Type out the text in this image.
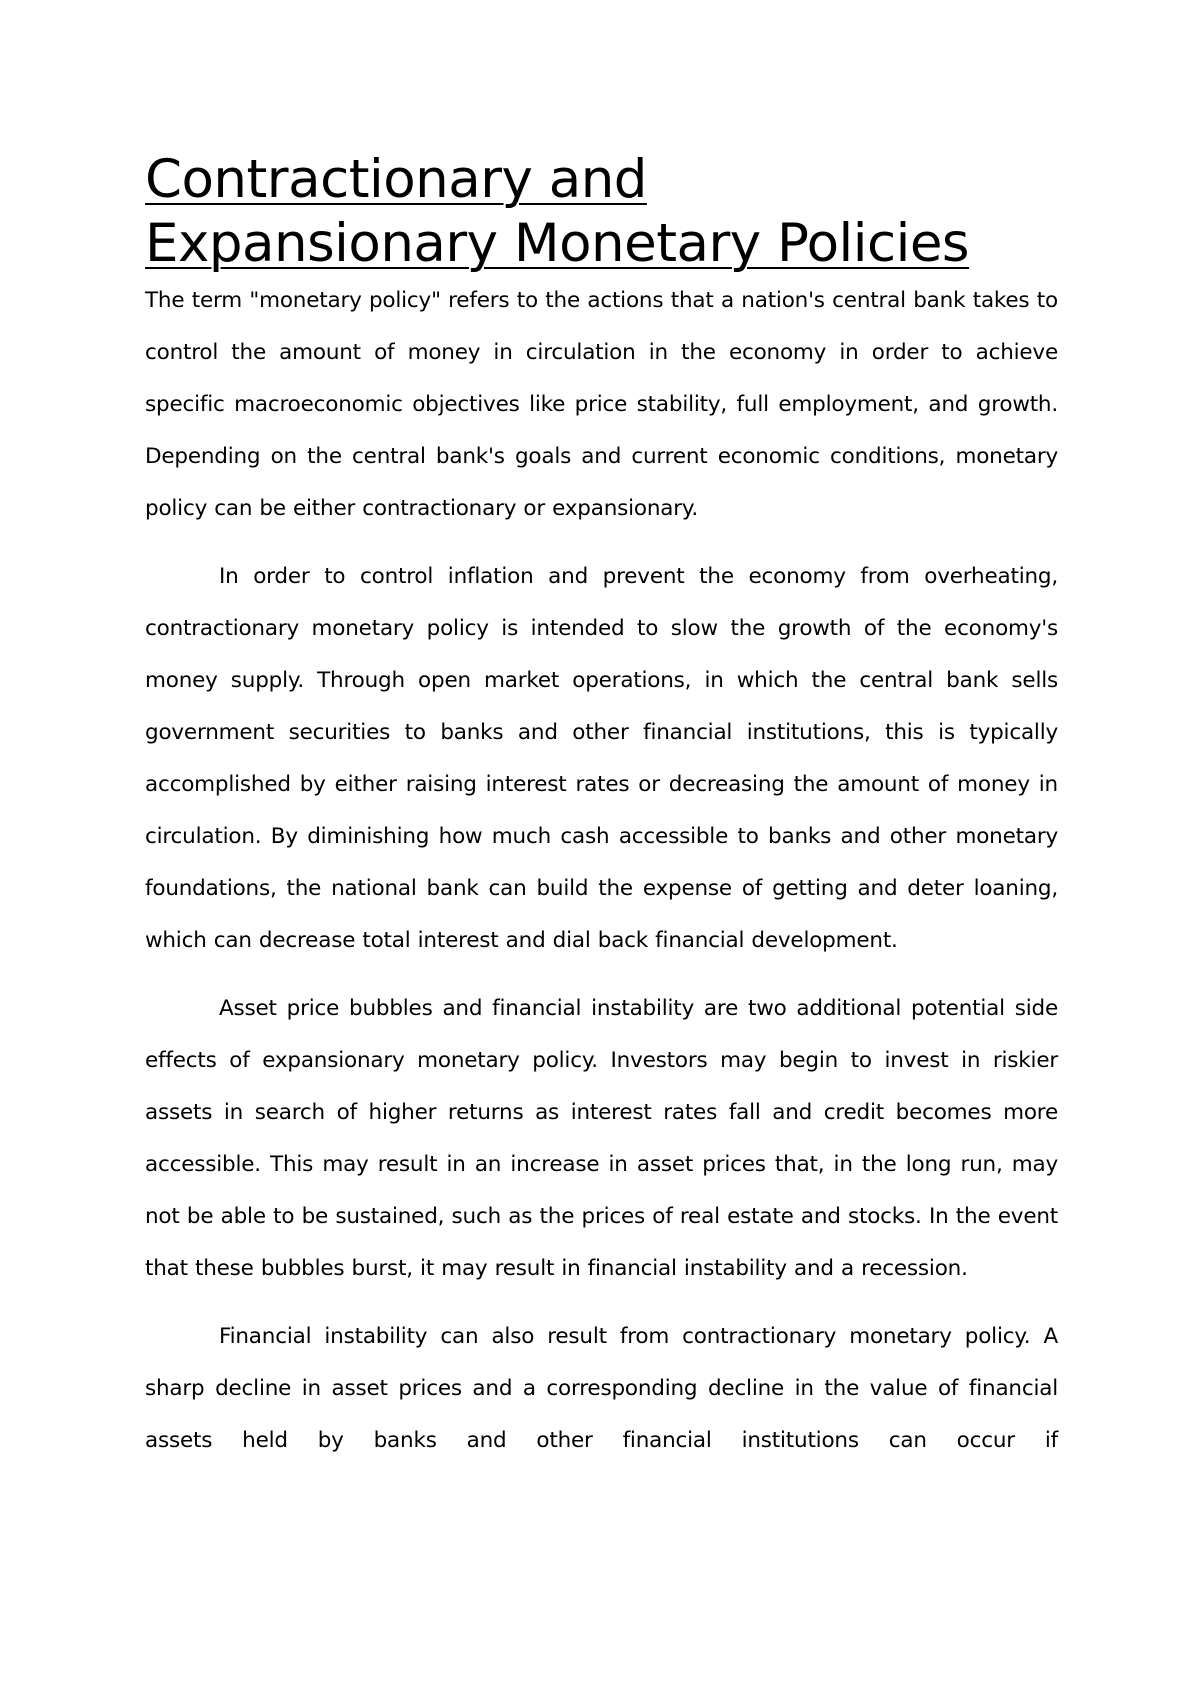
Contractionary and
Expansionary Monetary Policies

The term "monetary policy" refers to the actions that a nation's central bank takes to control the amount of money in circulation in the economy in order to achieve specific macroeconomic objectives like price stability, full employment, and growth. Depending on the central bank's goals and current economic conditions, monetary policy can be either contractionary or expansionary.

In order to control inflation and prevent the economy from overheating, contractionary monetary policy is intended to slow the growth of the economy's money supply. Through open market operations, in which the central bank sells government securities to banks and other financial institutions, this is typically accomplished by either raising interest rates or decreasing the amount of money in circulation. By diminishing how much cash accessible to banks and other monetary foundations, the national bank can build the expense of getting and deter loaning, which can decrease total interest and dial back financial development.

Asset price bubbles and financial instability are two additional potential side effects of expansionary monetary policy. Investors may begin to invest in riskier assets in search of higher returns as interest rates fall and credit becomes more accessible. This may result in an increase in asset prices that, in the long run, may not be able to be sustained, such as the prices of real estate and stocks. In the event that these bubbles burst, it may result in financial instability and a recession.

Financial instability can also result from contractionary monetary policy. A sharp decline in asset prices and a corresponding decline in the value of financial assets held by banks and other financial institutions can occur if
